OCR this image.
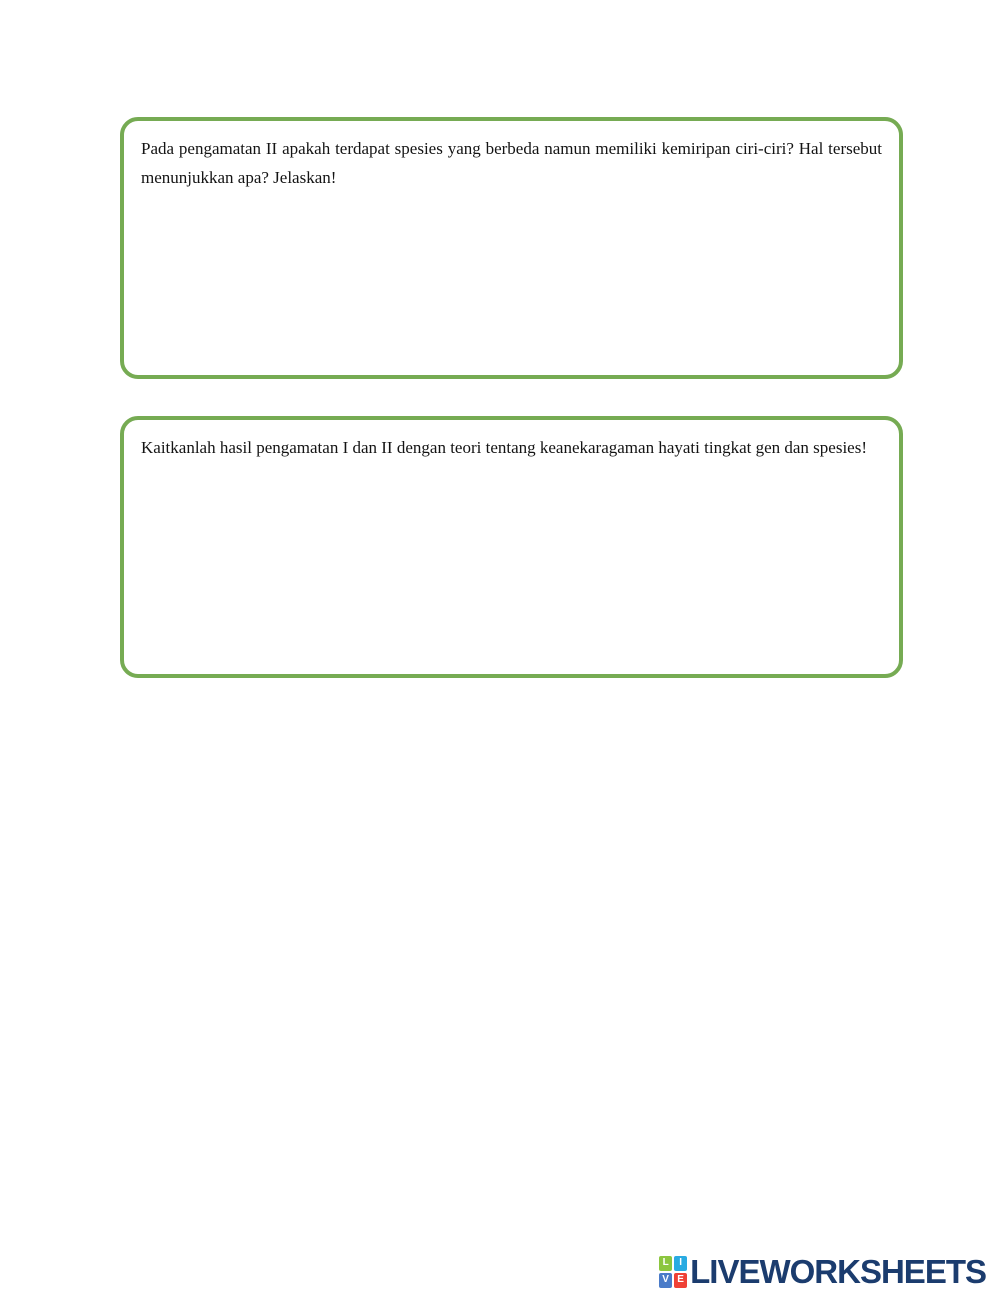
Pada pengamatan II apakah terdapat spesies yang berbeda namun memiliki kemiripan ciri-ciri? Hal tersebut menunjukkan apa? Jelaskan!

Kaitkanlah hasil pengamatan I dan II dengan teori tentang keanekaragaman hayati tingkat gen dan spesies!

L	I
V E LIVEWORKSHEETS
